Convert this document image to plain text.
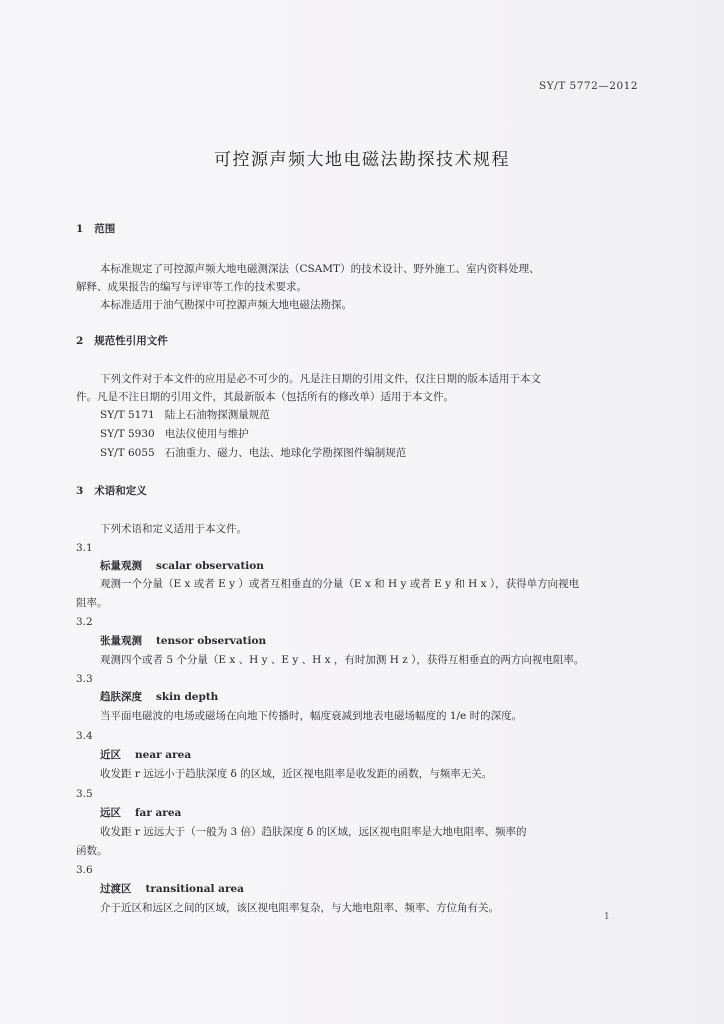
SY/T 5772—2012
可控源声频大地电磁法勘探技术规程
1 范围
本标准规定了可控源声频大地电磁测深法（CSAMT）的技术设计、野外施工、室内资料处理、
解释、成果报告的编写与评审等工作的技术要求。
本标准适用于油气勘探中可控源声频大地电磁法勘探。
2 规范性引用文件
下列文件对于本文件的应用是必不可少的。凡是注日期的引用文件，仅注日期的版本适用于本文
件。凡是不注日期的引用文件，其最新版本（包括所有的修改单）适用于本文件。
SY/T 5171 陆上石油物探测量规范
SY/T 5930 电法仪使用与维护
SY/T 6055 石油重力、磁力、电法、地球化学勘探图件编制规范
3 术语和定义
下列术语和定义适用于本文件。
3.1
标量观测 scalar observation
观测一个分量（E x 或者 E y ）或者互相垂直的分量（E x 和 H y 或者 E y 和 H x ），获得单方向视电
阻率。
3.2
张量观测 tensor observation
观测四个或者 5 个分量（E x 、H y 、E y 、H x ，有时加测 H z ），获得互相垂直的两方向视电阻率。
3.3
趋肤深度 skin depth
当平面电磁波的电场或磁场在向地下传播时，幅度衰减到地表电磁场幅度的 1/e 时的深度。
3.4
近区 near area
收发距 r 远远小于趋肤深度 δ 的区域，近区视电阻率是收发距的函数，与频率无关。
3.5
远区 far area
收发距 r 远远大于（一般为 3 倍）趋肤深度 δ 的区域，远区视电阻率是大地电阻率、频率的
函数。
3.6
过渡区 transitional area
介于近区和远区之间的区域，该区视电阻率复杂，与大地电阻率、频率、方位角有关。
1
